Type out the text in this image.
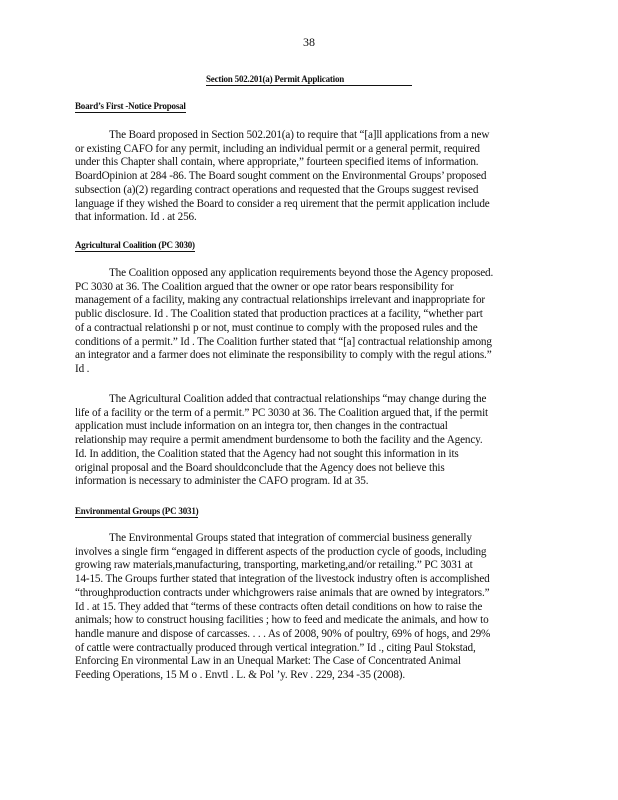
38
Section 502.201(a) Permit Application
Board’s First -Notice Proposal
The Board proposed in Section 502.201(a) to require that “[a]ll applications from a new
or existing CAFO for any permit, including an individual permit or a general permit, required
under this Chapter shall contain, where appropriate,” fourteen specified items of information.
BoardOpinion at 284 -86. The Board sought comment on the Environmental Groups’ proposed
subsection (a)(2) regarding contract operations and requested that the Groups suggest revised
language if they wished the Board to consider a req uirement that the permit application include
that information. Id . at 256.
Agricultural Coalition (PC 3030)
The Coalition opposed any application requirements beyond those the Agency proposed.
PC 3030 at 36. The Coalition argued that the owner or ope rator bears responsibility for
management of a facility, making any contractual relationships irrelevant and inappropriate for
public disclosure. Id . The Coalition stated that production practices at a facility, “whether part
of a contractual relationshi p or not, must continue to comply with the proposed rules and the
conditions of a permit.” Id . The Coalition further stated that “[a] contractual relationship among
an integrator and a farmer does not eliminate the responsibility to comply with the regul ations.”
Id .
The Agricultural Coalition added that contractual relationships “may change during the
life of a facility or the term of a permit.” PC 3030 at 36. The Coalition argued that, if the permit
application must include information on an integra tor, then changes in the contractual
relationship may require a permit amendment burdensome to both the facility and the Agency.
Id. In addition, the Coalition stated that the Agency had not sought this information in its
original proposal and the Board shouldconclude that the Agency does not believe this
information is necessary to administer the CAFO program. Id at 35.
Environmental Groups (PC 3031)
The Environmental Groups stated that integration of commercial business generally
involves a single firm “engaged in different aspects of the production cycle of goods, including
growing raw materials,manufacturing, transporting, marketing,and/or retailing.” PC 3031 at
14-15. The Groups further stated that integration of the livestock industry often is accomplished
“throughproduction contracts under whichgrowers raise animals that are owned by integrators.”
Id . at 15. They added that “terms of these contracts often detail conditions on how to raise the
animals; how to construct housing facilities ; how to feed and medicate the animals, and how to
handle manure and dispose of carcasses. . . . As of 2008, 90% of poultry, 69% of hogs, and 29%
of cattle were contractually produced through vertical integration.” Id ., citing Paul Stokstad,
Enforcing En vironmental Law in an Unequal Market: The Case of Concentrated Animal
Feeding Operations, 15 M o . Envtl . L. & Pol ’y. Rev . 229, 234 -35 (2008).
